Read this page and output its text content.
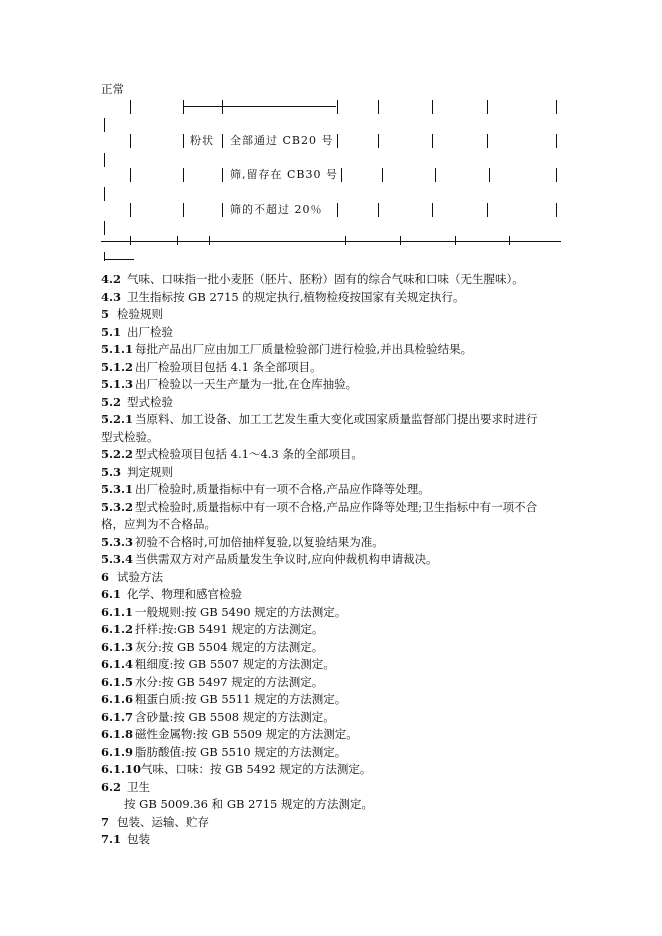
正常
粉状 全部通过 CB20 号
筛,留存在 CB30 号
筛的不超过 20％
4.2 气味、口味指一批小麦胚（胚片、胚粉）固有的综合气味和口味（无生腥味）。
4.3 卫生指标按 GB 2715 的规定执行,植物检疫按国家有关规定执行。
5 检验规则
5.1 出厂检验
5.1.1 每批产品出厂应由加工厂质量检验部门进行检验,并出具检验结果。
5.1.2 出厂检验项目包括 4.1 条全部项目。
5.1.3 出厂检验以一天生产量为一批,在仓库抽验。
5.2 型式检验
5.2.1 当原料、加工设备、加工工艺发生重大变化或国家质量监督部门提出要求时进行
型式检验。
5.2.2 型式检验项目包括 4.1～4.3 条的全部项目。
5.3 判定规则
5.3.1 出厂检验时,质量指标中有一项不合格,产品应作降等处理。
5.3.2 型式检验时,质量指标中有一项不合格,产品应作降等处理;卫生指标中有一项不合
格，应判为不合格品。
5.3.3 初验不合格时,可加倍抽样复验,以复验结果为准。
5.3.4 当供需双方对产品质量发生争议时,应向仲裁机构申请裁决。
6 试验方法
6.1 化学、物理和感官检验
6.1.1 一般规则:按 GB 5490 规定的方法测定。
6.1.2 扦样:按:GB 5491 规定的方法测定。
6.1.3 灰分:按 GB 5504 规定的方法测定。
6.1.4 粗细度:按 GB 5507 规定的方法测定。
6.1.5 水分:按 GB 5497 规定的方法测定。
6.1.6 粗蛋白质:按 GB 5511 规定的方法测定。
6.1.7 含砂量:按 GB 5508 规定的方法测定。
6.1.8 磁性金属物:按 GB 5509 规定的方法测定。
6.1.9 脂肪酸值:按 GB 5510 规定的方法测定。
6.1.10气味、口味：按 GB 5492 规定的方法测定。
6.2 卫生
按 GB 5009.36 和 GB 2715 规定的方法测定。
7 包装、运输、贮存
7.1 包装
